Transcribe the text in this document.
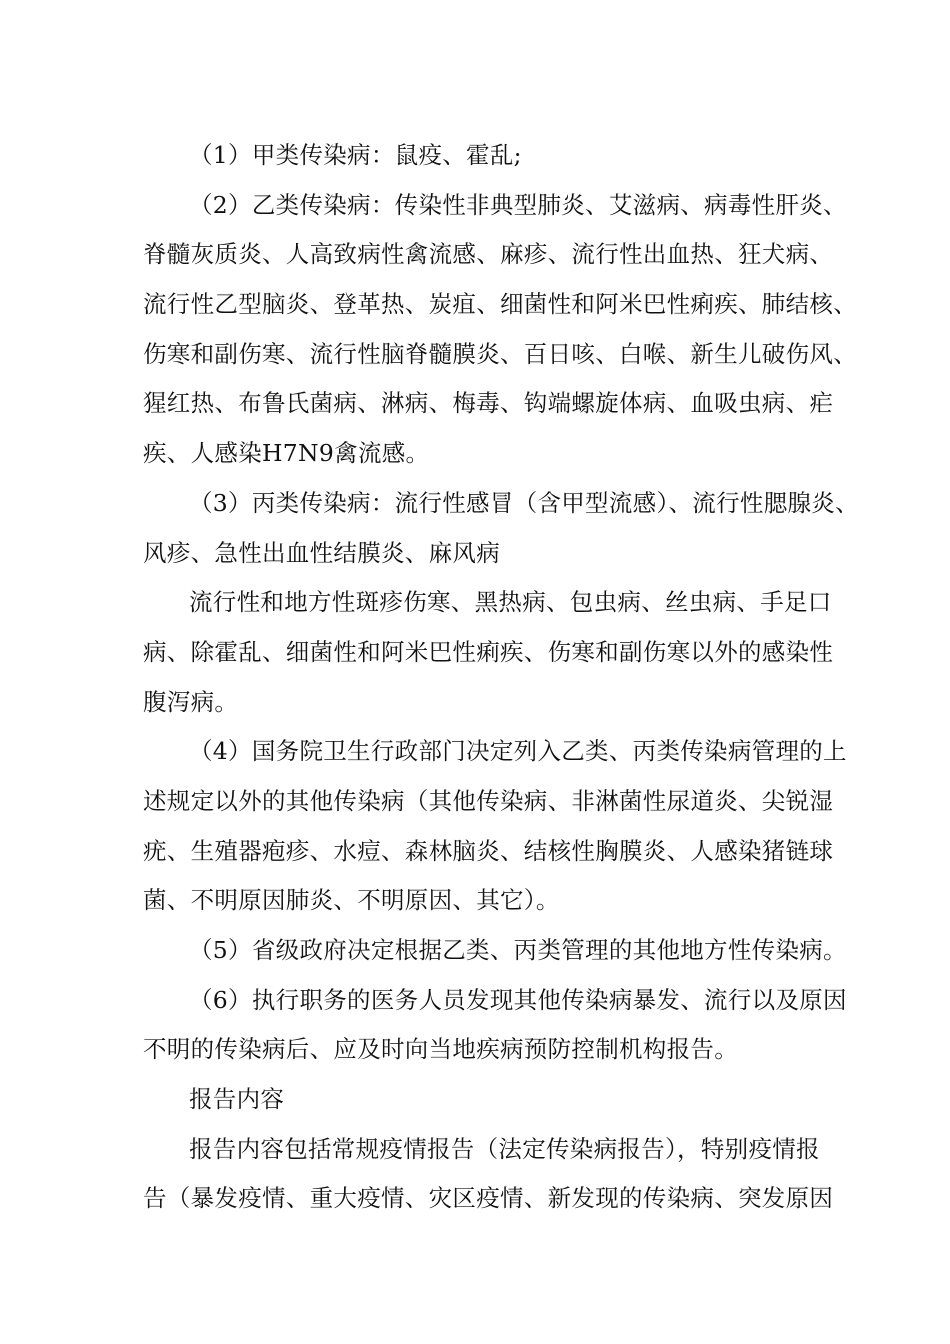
（1）甲类传染病：鼠疫、霍乱;
（2）乙类传染病：传染性非典型肺炎、艾滋病、病毒性肝炎、
脊髓灰质炎、人高致病性禽流感、麻疹、流行性出血热、狂犬病、
流行性乙型脑炎、登革热、炭疽、细菌性和阿米巴性痢疾、肺结核、
伤寒和副伤寒、流行性脑脊髓膜炎、百日咳、白喉、新生儿破伤风、
猩红热、布鲁氏菌病、淋病、梅毒、钩端螺旋体病、血吸虫病、疟
疾、人感染H7N9禽流感。
（3）丙类传染病：流行性感冒（含甲型流感）、流行性腮腺炎、
风疹、急性出血性结膜炎、麻风病
流行性和地方性斑疹伤寒、黑热病、包虫病、丝虫病、手足口
病、除霍乱、细菌性和阿米巴性痢疾、伤寒和副伤寒以外的感染性
腹泻病。
（4）国务院卫生行政部门决定列入乙类、丙类传染病管理的上
述规定以外的其他传染病（其他传染病、非淋菌性尿道炎、尖锐湿
疣、生殖器疱疹、水痘、森林脑炎、结核性胸膜炎、人感染猪链球
菌、不明原因肺炎、不明原因、其它）。
（5）省级政府决定根据乙类、丙类管理的其他地方性传染病。
（6）执行职务的医务人员发现其他传染病暴发、流行以及原因
不明的传染病后、应及时向当地疾病预防控制机构报告。
报告内容
报告内容包括常规疫情报告（法定传染病报告），特别疫情报
告（暴发疫情、重大疫情、灾区疫情、新发现的传染病、突发原因
